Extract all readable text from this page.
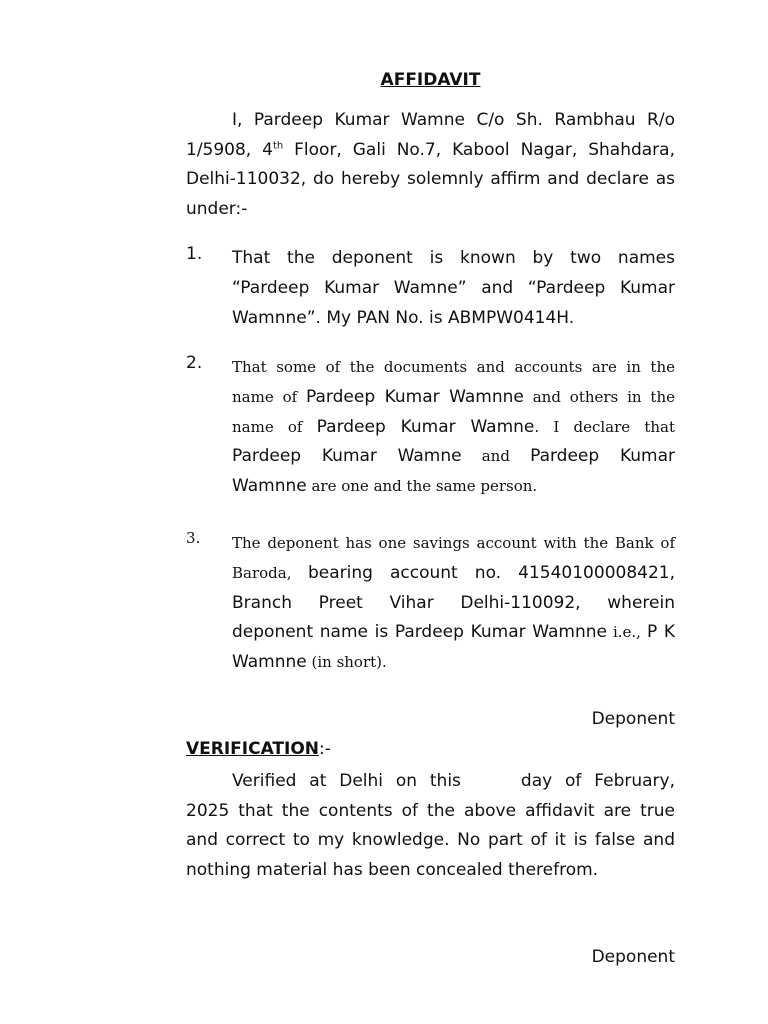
AFFIDAVIT
I, Pardeep Kumar Wamne C/o Sh. Rambhau R/o 1/5908, 4th Floor, Gali No.7, Kabool Nagar, Shahdara, Delhi-110032, do hereby solemnly affirm and declare as under:-
1.	That the deponent is known by two names “Pardeep Kumar Wamne” and “Pardeep Kumar Wamnne”. My PAN No. is ABMPW0414H.
2.	That some of the documents and accounts are in the name of Pardeep Kumar Wamnne and others in the name of Pardeep Kumar Wamne. I declare that Pardeep Kumar Wamne and Pardeep Kumar Wamnne are one and the same person.
3.	The deponent has one savings account with the Bank of Baroda, bearing account no. 41540100008421, Branch Preet Vihar Delhi-110092, wherein deponent name is Pardeep Kumar Wamnne i.e., P K Wamnne (in short).
Deponent
VERIFICATION:-
Verified at Delhi on this	day of February, 2025 that the contents of the above affidavit are true and correct to my knowledge. No part of it is false and nothing material has been concealed therefrom.
Deponent
